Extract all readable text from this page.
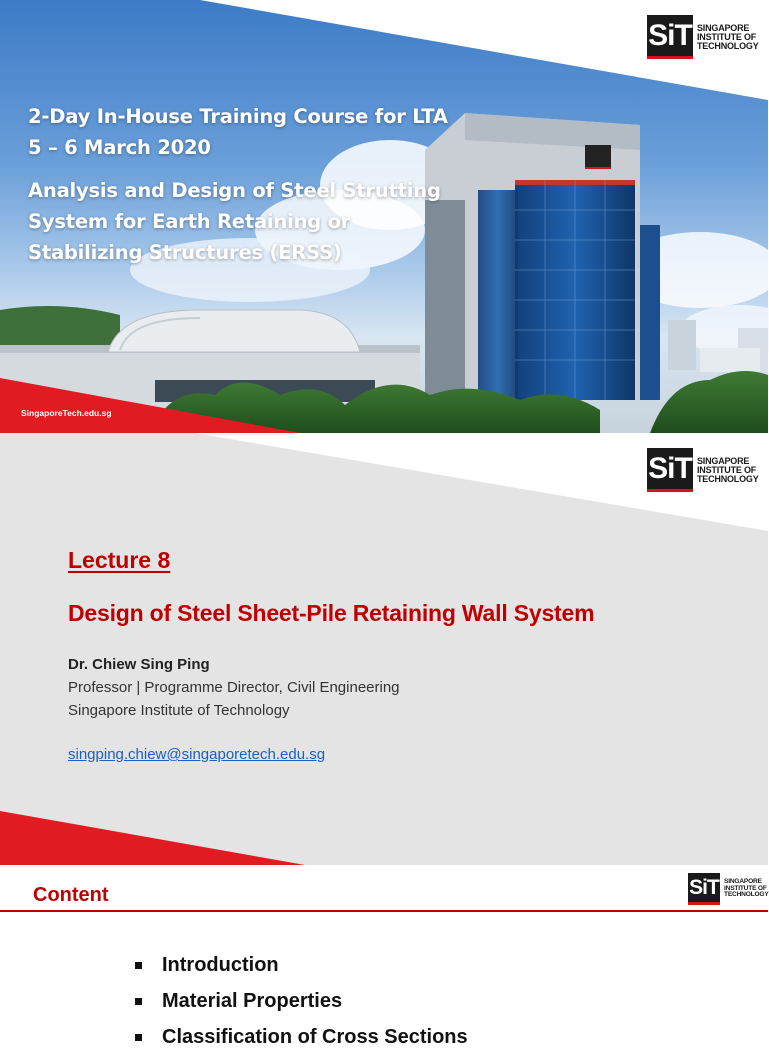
SiT SINGAPORE
INSTITUTE OF
TECHNOLOGY
2-Day In-House Training Course for LTA
5 – 6 March 2020
Analysis and Design of Steel Strutting
System for Earth Retaining or
Stabilizing Structures (ERSS)
SingaporeTech.edu.sg
SiT SINGAPORE
INSTITUTE OF
TECHNOLOGY
Lecture 8
Design of Steel Sheet-Pile Retaining Wall System
Dr. Chiew Sing Ping
Professor | Programme Director, Civil Engineering
Singapore Institute of Technology
singping.chiew@singaporetech.edu.sg
Content	SiT SINGAPORE
INSTITUTE OF
TECHNOLOGY
Introduction
Material Properties
Classification of Cross Sections
